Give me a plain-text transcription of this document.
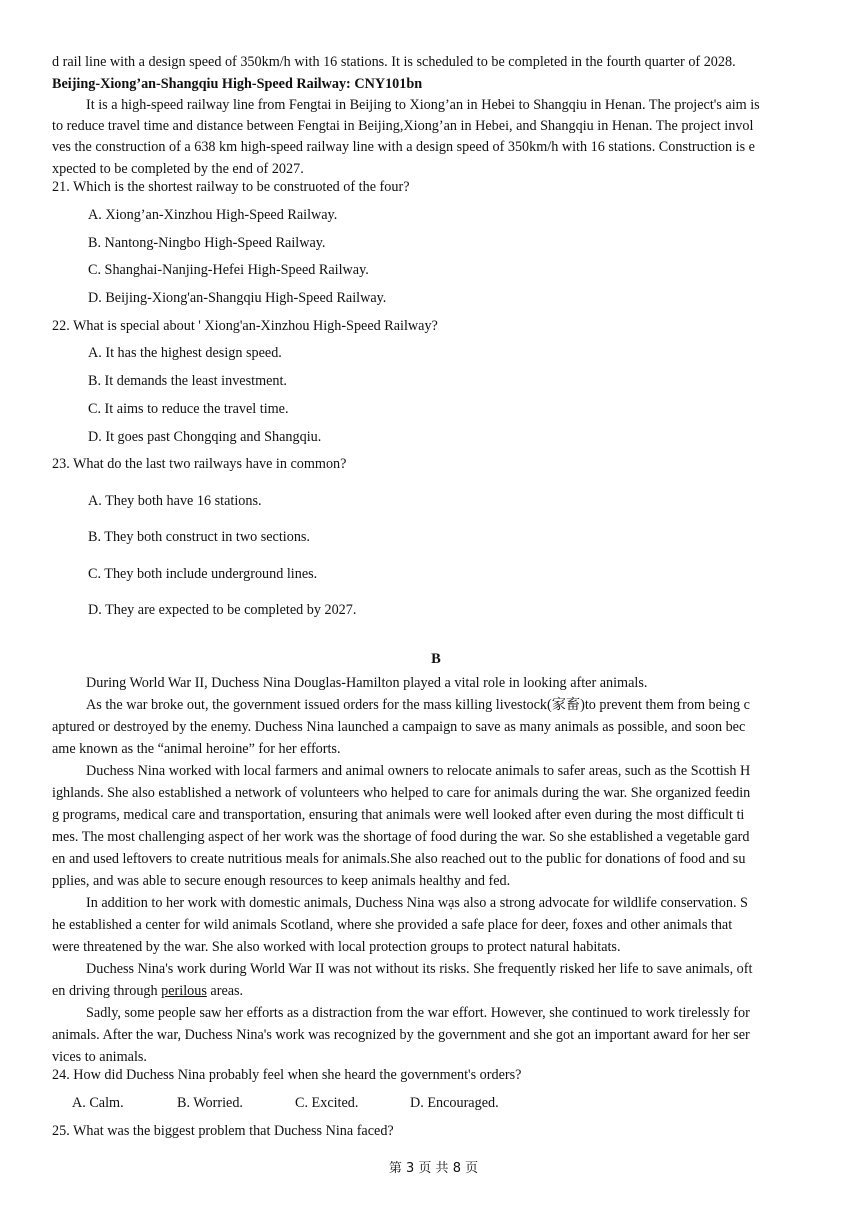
d rail line with a design speed of 350km/h with 16 stations. It is scheduled to be completed in the fourth quarter of 2028.
Beijing-Xiong’an-Shangqiu High-Speed Railway: CNY101bn
It is a high-speed railway line from Fengtai in Beijing to Xiong’an in Hebei to Shangqiu in Henan. The project's aim is
to reduce travel time and distance between Fengtai in Beijing,Xiong’an in Hebei, and Shangqiu in Henan. The project invol
ves the construction of a 638 km high-speed railway line with a design speed of 350km/h with 16 stations. Construction is e
xpected to be completed by the end of 2027.
21. Which is the shortest railway to be construoted of the four?
A. Xiong’an-Xinzhou High-Speed Railway.
B. Nantong-Ningbo High-Speed Railway.
C. Shanghai-Nanjing-Hefei High-Speed Railway.
D. Beijing-Xiong'an-Shangqiu High-Speed Railway.
22. What is special about ' Xiong'an-Xinzhou High-Speed Railway?
A. It has the highest design speed.
B. It demands the least investment.
C. It aims to reduce the travel time.
D. It goes past Chongqing and Shangqiu.
23. What do the last two railways have in common?
A. They both have 16 stations.
B. They both construct in two sections.
C. They both include underground lines.
D. They are expected to be completed by 2027.
B
During World War II, Duchess Nina Douglas-Hamilton played a vital role in looking after animals.
As the war broke out, the government issued orders for the mass killing livestock(家畜)to prevent them from being c
aptured or destroyed by the enemy. Duchess Nina launched a campaign to save as many animals as possible, and soon bec
ame known as the “animal heroine” for her efforts.
Duchess Nina worked with local farmers and animal owners to relocate animals to safer areas, such as the Scottish H
ighlands. She also established a network of volunteers who helped to care for animals during the war. She organized feedin
g programs, medical care and transportation, ensuring that animals were well looked after even during the most difficult ti
mes. The most challenging aspect of her work was the shortage of food during the war. So she established a vegetable gard
en and used leftovers to create nutritious meals for animals.She also reached out to the public for donations of food and su
pplies, and was able to secure enough resources to keep animals healthy and fed.
In addition to her work with domestic animals, Duchess Nina wạs also a strong advocate for wildlife conservation. S
he established a center for wild animals Scotland, where she provided a safe place for deer, foxes and other animals that
were threatened by the war. She also worked with local protection groups to protect natural habitats.
Duchess Nina's work during World War II was not without its risks. She frequently risked her life to save animals, oft
en driving through perilous areas.
Sadly, some people saw her efforts as a distraction from the war effort. However, she continued to work tirelessly for
animals. After the war, Duchess Nina's work was recognized by the government and she got an important award for her ser
vices to animals.
24. How did Duchess Nina probably feel when she heard the government's orders?
A. Calm.	B. Worried.	C. Excited.	D. Encouraged.
25. What was the biggest problem that Duchess Nina faced?
第 3 页 共 8 页
